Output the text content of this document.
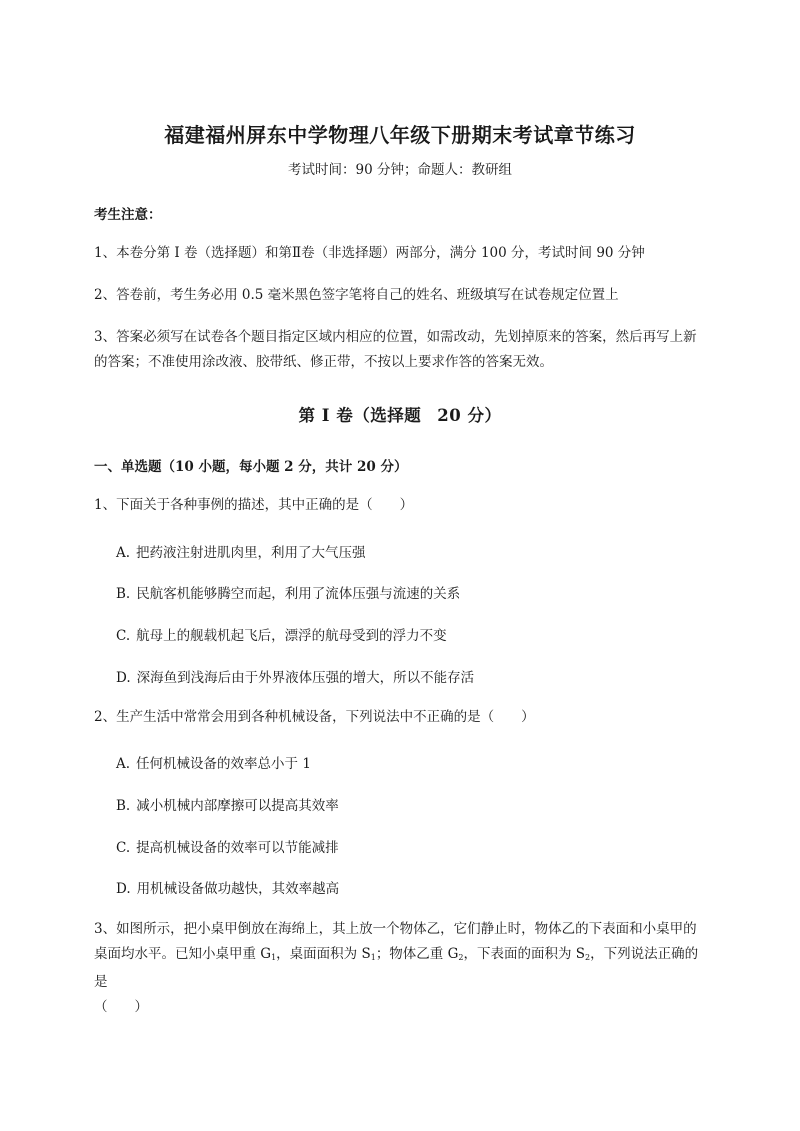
福建福州屏东中学物理八年级下册期末考试章节练习
考试时间：90 分钟；命题人：教研组
考生注意：
1、本卷分第 I 卷（选择题）和第Ⅱ卷（非选择题）两部分，满分 100 分，考试时间 90 分钟
2、答卷前，考生务必用 0.5 毫米黑色签字笔将自己的姓名、班级填写在试卷规定位置上
3、答案必须写在试卷各个题目指定区域内相应的位置，如需改动，先划掉原来的答案，然后再写上新的答案；不准使用涂改液、胶带纸、修正带，不按以上要求作答的答案无效。
第 I 卷（选择题 20 分）
一、单选题（10 小题，每小题 2 分，共计 20 分）
1、下面关于各种事例的描述，其中正确的是（　　）
A. 把药液注射进肌肉里，利用了大气压强
B. 民航客机能够腾空而起，利用了流体压强与流速的关系
C. 航母上的舰载机起飞后，漂浮的航母受到的浮力不变
D. 深海鱼到浅海后由于外界液体压强的增大，所以不能存活
2、生产生活中常常会用到各种机械设备，下列说法中不正确的是（　　）
A. 任何机械设备的效率总小于 1
B. 减小机械内部摩擦可以提高其效率
C. 提高机械设备的效率可以节能减排
D. 用机械设备做功越快，其效率越高
3、如图所示，把小桌甲倒放在海绵上，其上放一个物体乙，它们静止时，物体乙的下表面和小桌甲的
桌面均水平。已知小桌甲重 $G_1$，桌面面积为 $S_1$；物体乙重 $G_2$，下表面的面积为 $S_2$，下列说法正确的是
（　　）
